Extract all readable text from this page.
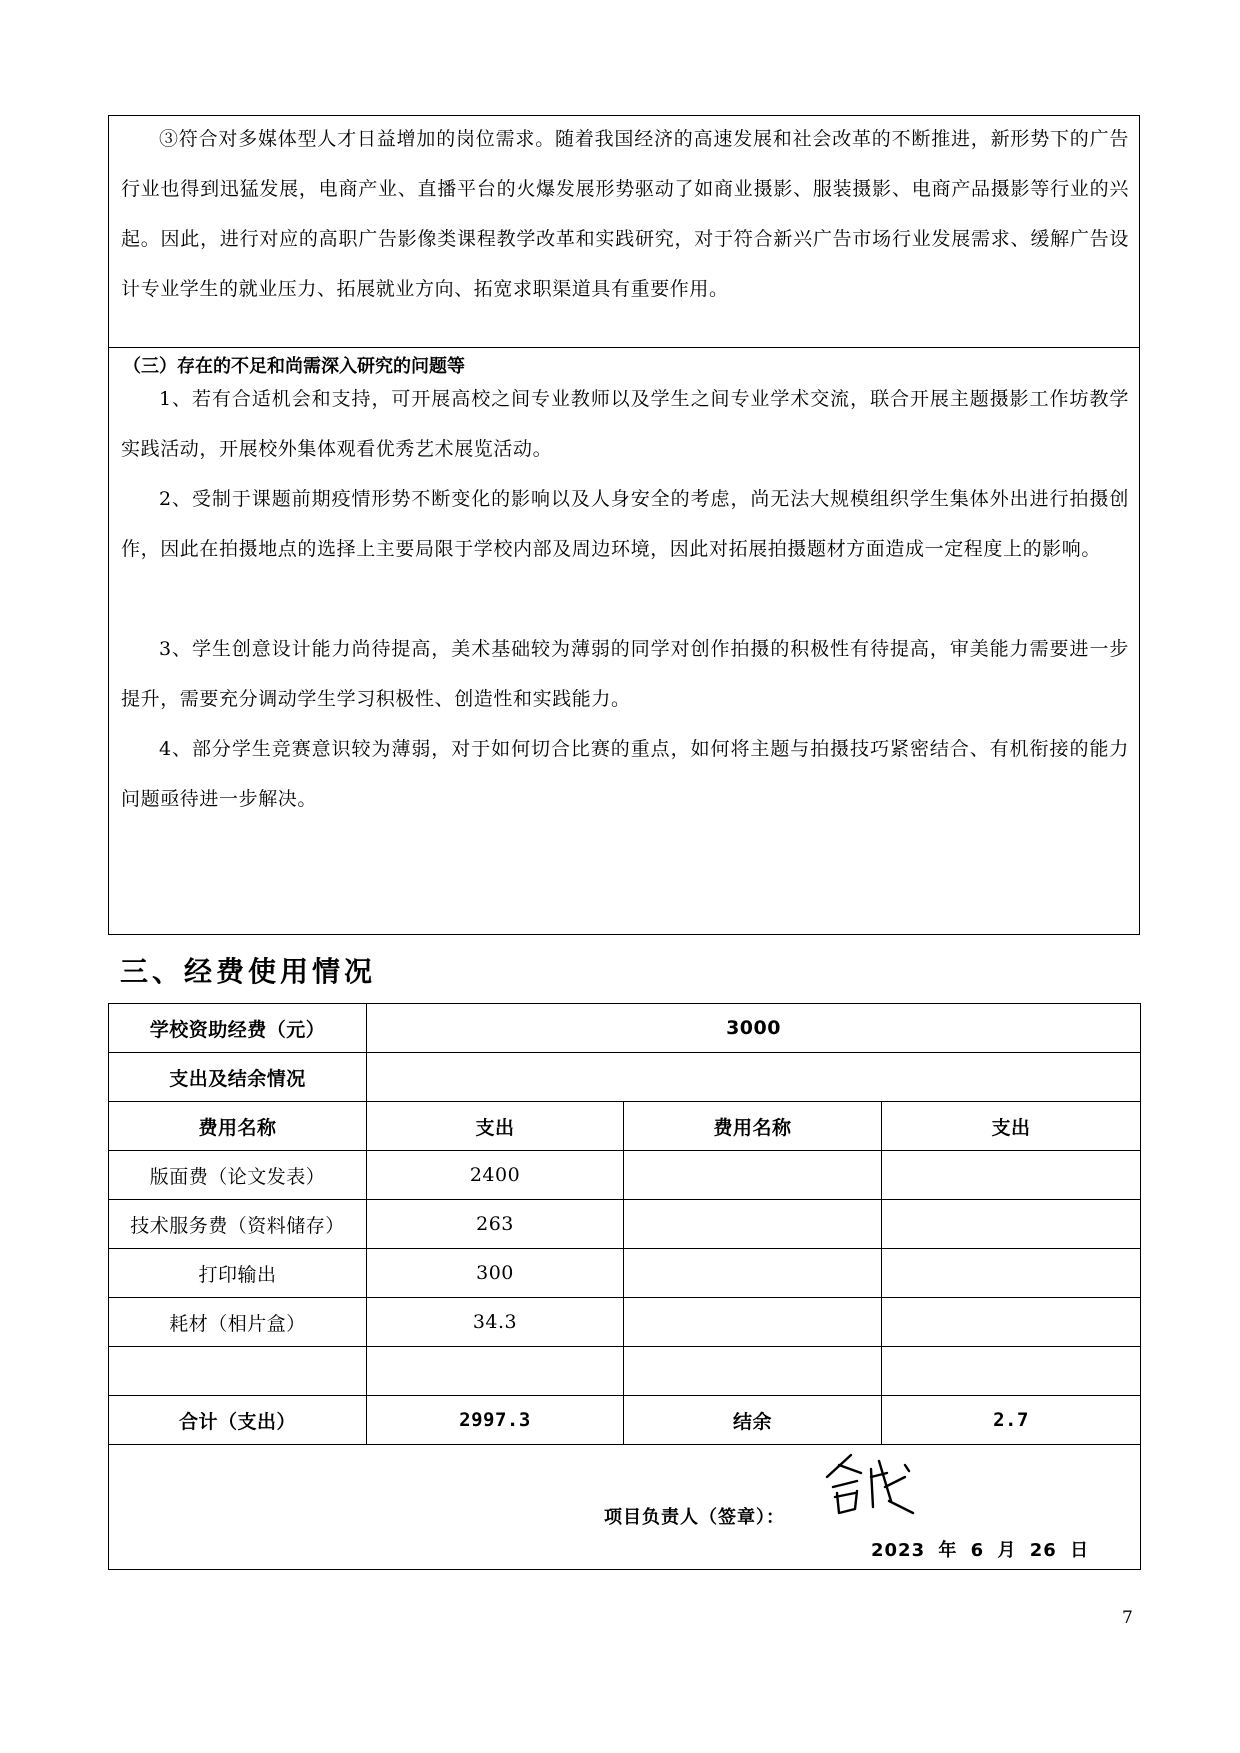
③符合对多媒体型人才日益增加的岗位需求。随着我国经济的高速发展和社会改革的不断推进，新形势下的广告行业也得到迅猛发展，电商产业、直播平台的火爆发展形势驱动了如商业摄影、服装摄影、电商产品摄影等行业的兴起。因此，进行对应的高职广告影像类课程教学改革和实践研究，对于符合新兴广告市场行业发展需求、缓解广告设计专业学生的就业压力、拓展就业方向、拓宽求职渠道具有重要作用。

（三）存在的不足和尚需深入研究的问题等

1、若有合适机会和支持，可开展高校之间专业教师以及学生之间专业学术交流，联合开展主题摄影工作坊教学实践活动，开展校外集体观看优秀艺术展览活动。

2、受制于课题前期疫情形势不断变化的影响以及人身安全的考虑，尚无法大规模组织学生集体外出进行拍摄创作，因此在拍摄地点的选择上主要局限于学校内部及周边环境，因此对拓展拍摄题材方面造成一定程度上的影响。

3、学生创意设计能力尚待提高，美术基础较为薄弱的同学对创作拍摄的积极性有待提高，审美能力需要进一步提升，需要充分调动学生学习积极性、创造性和实践能力。

4、部分学生竞赛意识较为薄弱，对于如何切合比赛的重点，如何将主题与拍摄技巧紧密结合、有机衔接的能力问题亟待进一步解决。

三、经费使用情况
学校资助经费（元）	3000		
支出及结余情况			
费用名称	支出	费用名称	支出
版面费（论文发表）	2400		
技术服务费（资料储存）	263		
打印输出	300		
耗材（相片盒）	34.3		

合计（支出）	2997.3	结余	2.7

项目负责人（签章）：
2023 年 6 月 26 日			
7
